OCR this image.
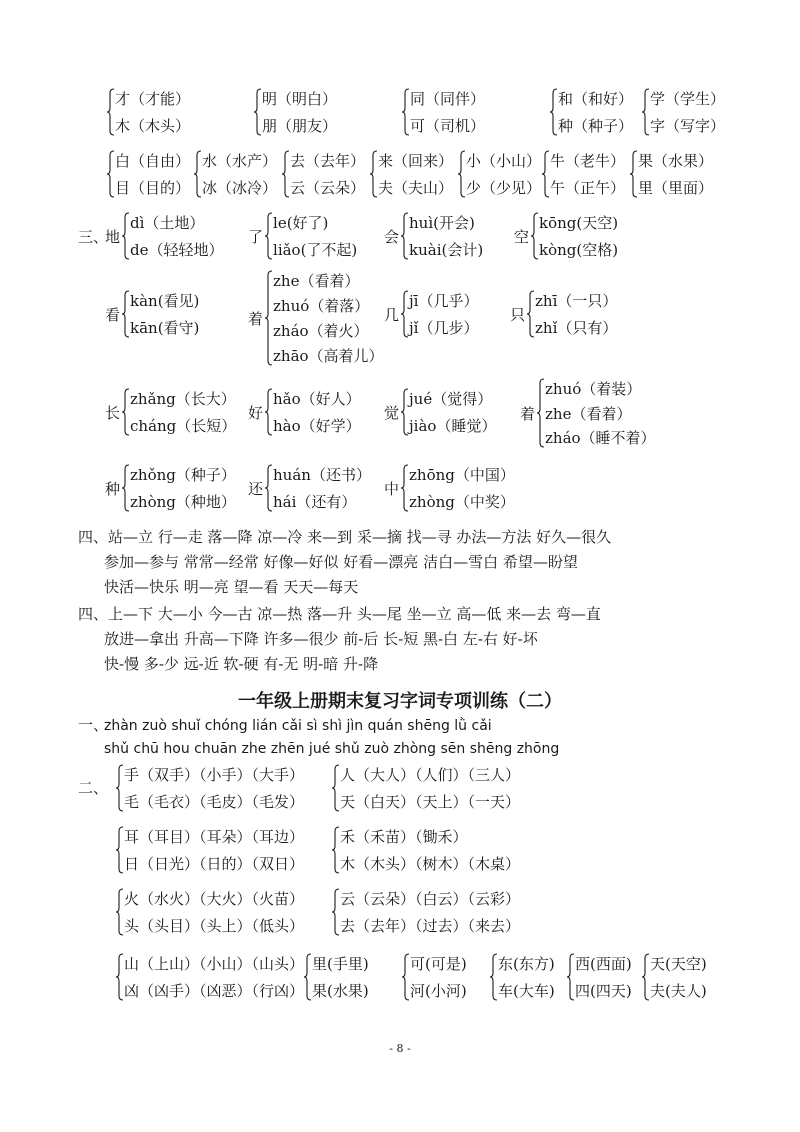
才（才能）
木（木头）
明（明白）
朋（朋友）
同（同伴）
可（司机）
和（和好）
种（种子）
学（学生）
字（写字）
白（自由）
目（目的）
水（水产）
冰（冰冷）
去（去年）
云（云朵）
来（回来）
夫（夫山）
小（小山）
少（少见）
牛（老牛）
午（正午）
果（水果）
里（里面）
地
dì（土地）
de（轻轻地）
了
le(好了)
liǎo(了不起)
会
huì(开会)
kuài(会计)
空
kōng(天空)
kòng(空格)
看
kàn(看见)
kān(看守)
着
zhe（看着）
zhuó（着落）
zháo（着火）
zhāo（高着儿）
几
jī（几乎）
jǐ（几步）
只
zhī（一只）
zhǐ（只有）
长
zhǎng（长大）
cháng（长短）
好
hǎo（好人）
hào（好学）
觉
jué（觉得）
jiào（睡觉）
着
zhuó（着装）
zhe（看着）
zháo（睡不着）
种
zhǒng（种子）
zhòng（种地）
还
huán（还书）
hái（还有）
中
zhōng（中国）
zhòng（中奖）
手（双手）（小手）（大手）
毛（毛衣）（毛皮）（毛发）
人（大人）（人们）（三人）
天（白天）（天上）（一天）
耳（耳目）（耳朵）（耳边）
日（日光）（日的）（双日）
禾（禾苗）（锄禾）
木（木头）（树木）（木桌）
火（水火）（大火）（火苗）
头（头目）（头上）（低头）
云（云朵）（白云）（云彩）
去（去年）（过去）（来去）
山（上山）（小山）（山头）
凶（凶手）（凶恶）（行凶）
里(手里)
果(水果)
可(可是)
河(小河)
东(东方)
车(大车)
西(西面)
四(四天)
天(天空)
夫(夫人)
三、
二、
一、
四、站—立 行—走 落—降 凉—冷 来—到 采—摘 找—寻 办法—方法 好久—很久
参加—参与 常常—经常 好像—好似 好看—漂亮 洁白—雪白 希望—盼望
快活—快乐 明—亮 望—看 天天—每天
四、上—下 大—小 今—古 凉—热 落—升 头—尾 坐—立 高—低 来—去 弯—直
放进—拿出 升高—下降 许多—很少 前-后 长-短 黑-白 左-右 好-坏
快-慢 多-少 远-近 软-硬 有-无 明-暗 升-降
一年级上册期末复习字词专项训练（二）
zhàn zuò shuǐ chóng lián cǎi sì shì jìn quán shēng lǜ cǎi
shǔ chū hou chuān zhe zhēn jué shǔ zuò zhòng sēn shēng zhōng
- 8 -
